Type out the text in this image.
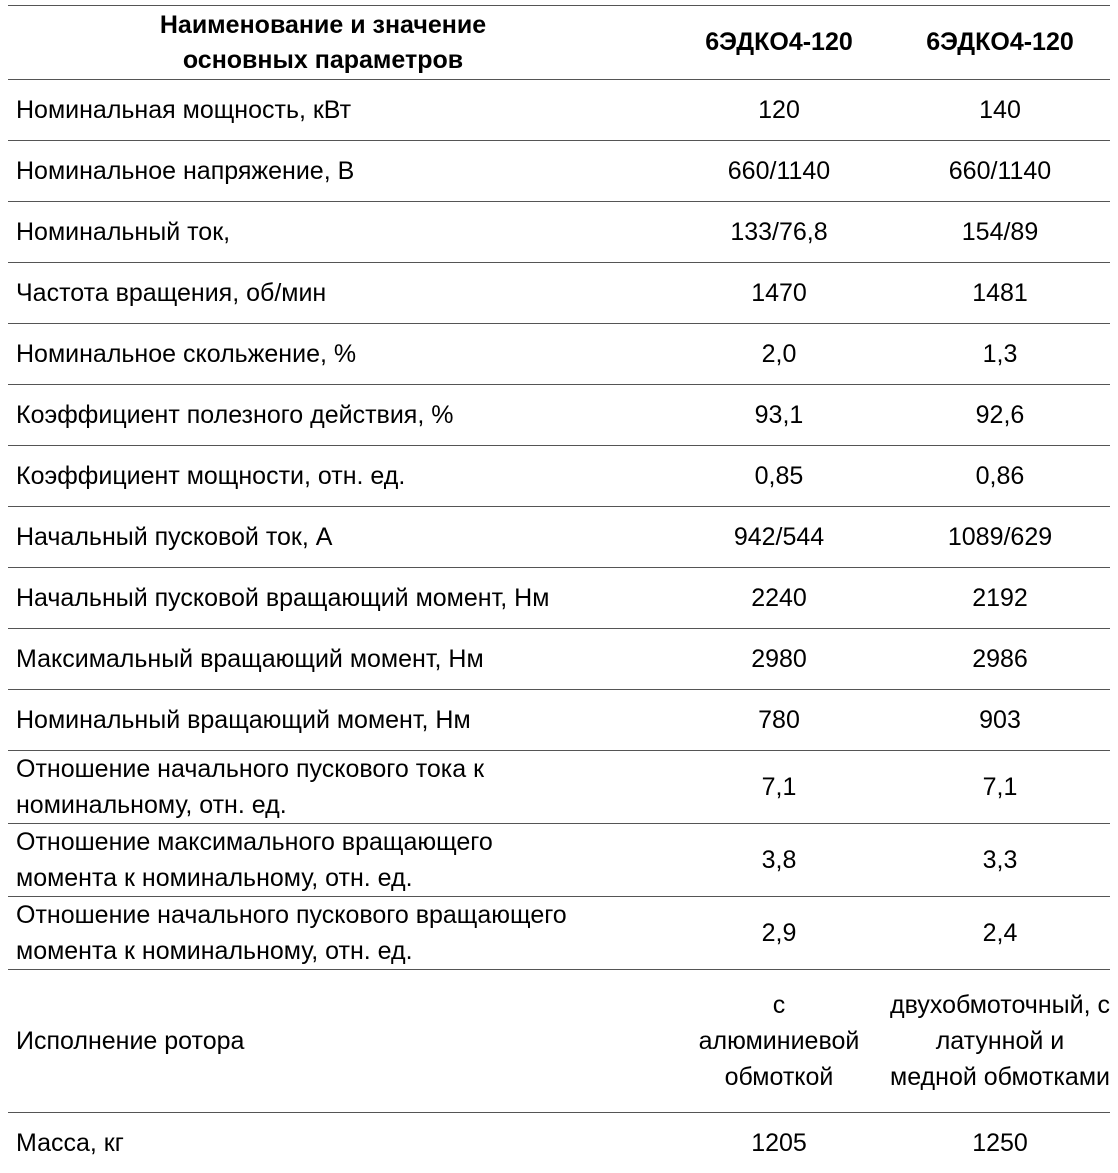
Наименование и значение основных параметров	6ЭДКО4-120	6ЭДКО4-120
Номинальная мощность, кВт	120	140
Номинальное напряжение, В	660/1140	660/1140
Номинальный ток,	133/76,8	154/89
Частота вращения, об/мин	1470	1481
Номинальное скольжение, %	2,0	1,3
Коэффициент полезного действия, %	93,1	92,6
Коэффициент мощности, отн. ед.	0,85	0,86
Начальный пусковой ток, А	942/544	1089/629
Начальный пусковой вращающий момент, Нм	2240	2192
Максимальный вращающий момент, Нм	2980	2986
Номинальный вращающий момент, Нм	780	903

Отношение начального пускового тока к номинальному, отн. ед.	7,1	7,1

Отношение максимального вращающего момента к номинальному, отн. ед.	3,8	3,3

Отношение начального пускового вращающего момента к номинальному, отн. ед.	2,9	2,4
Исполнение ротора	с алюминиевой обмоткой	двухобмоточный, с латунной и медной обмотками

Масса, кг	1205	1250
